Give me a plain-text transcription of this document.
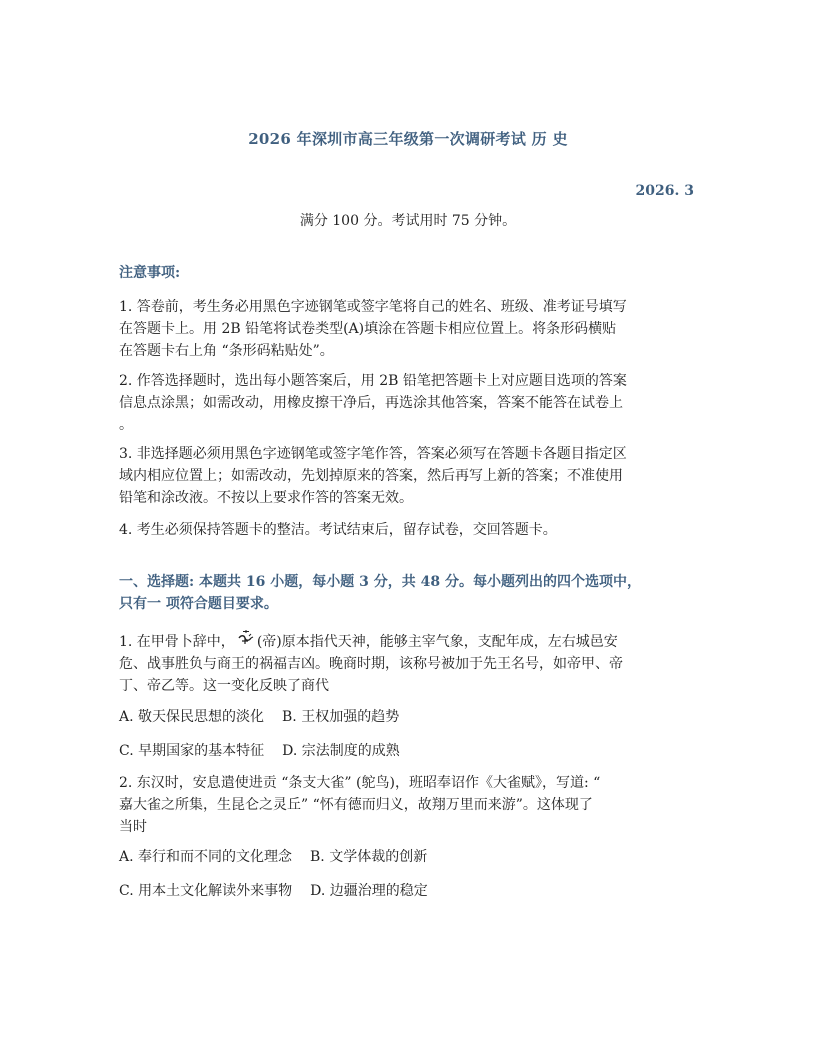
2026 年深圳市高三年级第一次调研考试 历 史
2026. 3
满分 100 分。考试用时 75 分钟。
注意事项:

1. 答卷前，考生务必用黑色字迹钢笔或签字笔将自己的姓名、班级、准考证号填写
在答题卡上。用 2B 铅笔将试卷类型(A)填涂在答题卡相应位置上。将条形码横贴
在答题卡右上角 “条形码粘贴处”。

2. 作答选择题时，选出每小题答案后，用 2B 铅笔把答题卡上对应题目选项的答案
信息点涂黑；如需改动，用橡皮擦干净后，再选涂其他答案，答案不能答在试卷上
。

3. 非选择题必须用黑色字迹钢笔或签字笔作答，答案必须写在答题卡各题目指定区
域内相应位置上；如需改动，先划掉原来的答案，然后再写上新的答案；不准使用
铅笔和涂改液。不按以上要求作答的答案无效。

4. 考生必须保持答题卡的整洁。考试结束后，留存试卷，交回答题卡。

一、选择题: 本题共 16 小题，每小题 3 分，共 48 分。每小题列出的四个选项中，
只有一 项符合题目要求。

1. 在甲骨卜辞中， (帝)原本指代天神，能够主宰气象，支配年成，左右城邑安
危、战事胜负与商王的祸福吉凶。晚商时期，该称号被加于先王名号，如帝甲、帝
丁、帝乙等。这一变化反映了商代

A. 敬天保民思想的淡化 B. 王权加强的趋势
C. 早期国家的基本特征 D. 宗法制度的成熟

2. 东汉时，安息遣使进贡 “条支大雀” (鸵鸟)，班昭奉诏作《大雀赋》，写道: “
嘉大雀之所集，生昆仑之灵丘” “怀有德而归义，故翔万里而来游”。这体现了
当时

A. 奉行和而不同的文化理念 B. 文学体裁的创新
C. 用本土文化解读外来事物 D. 边疆治理的稳定
